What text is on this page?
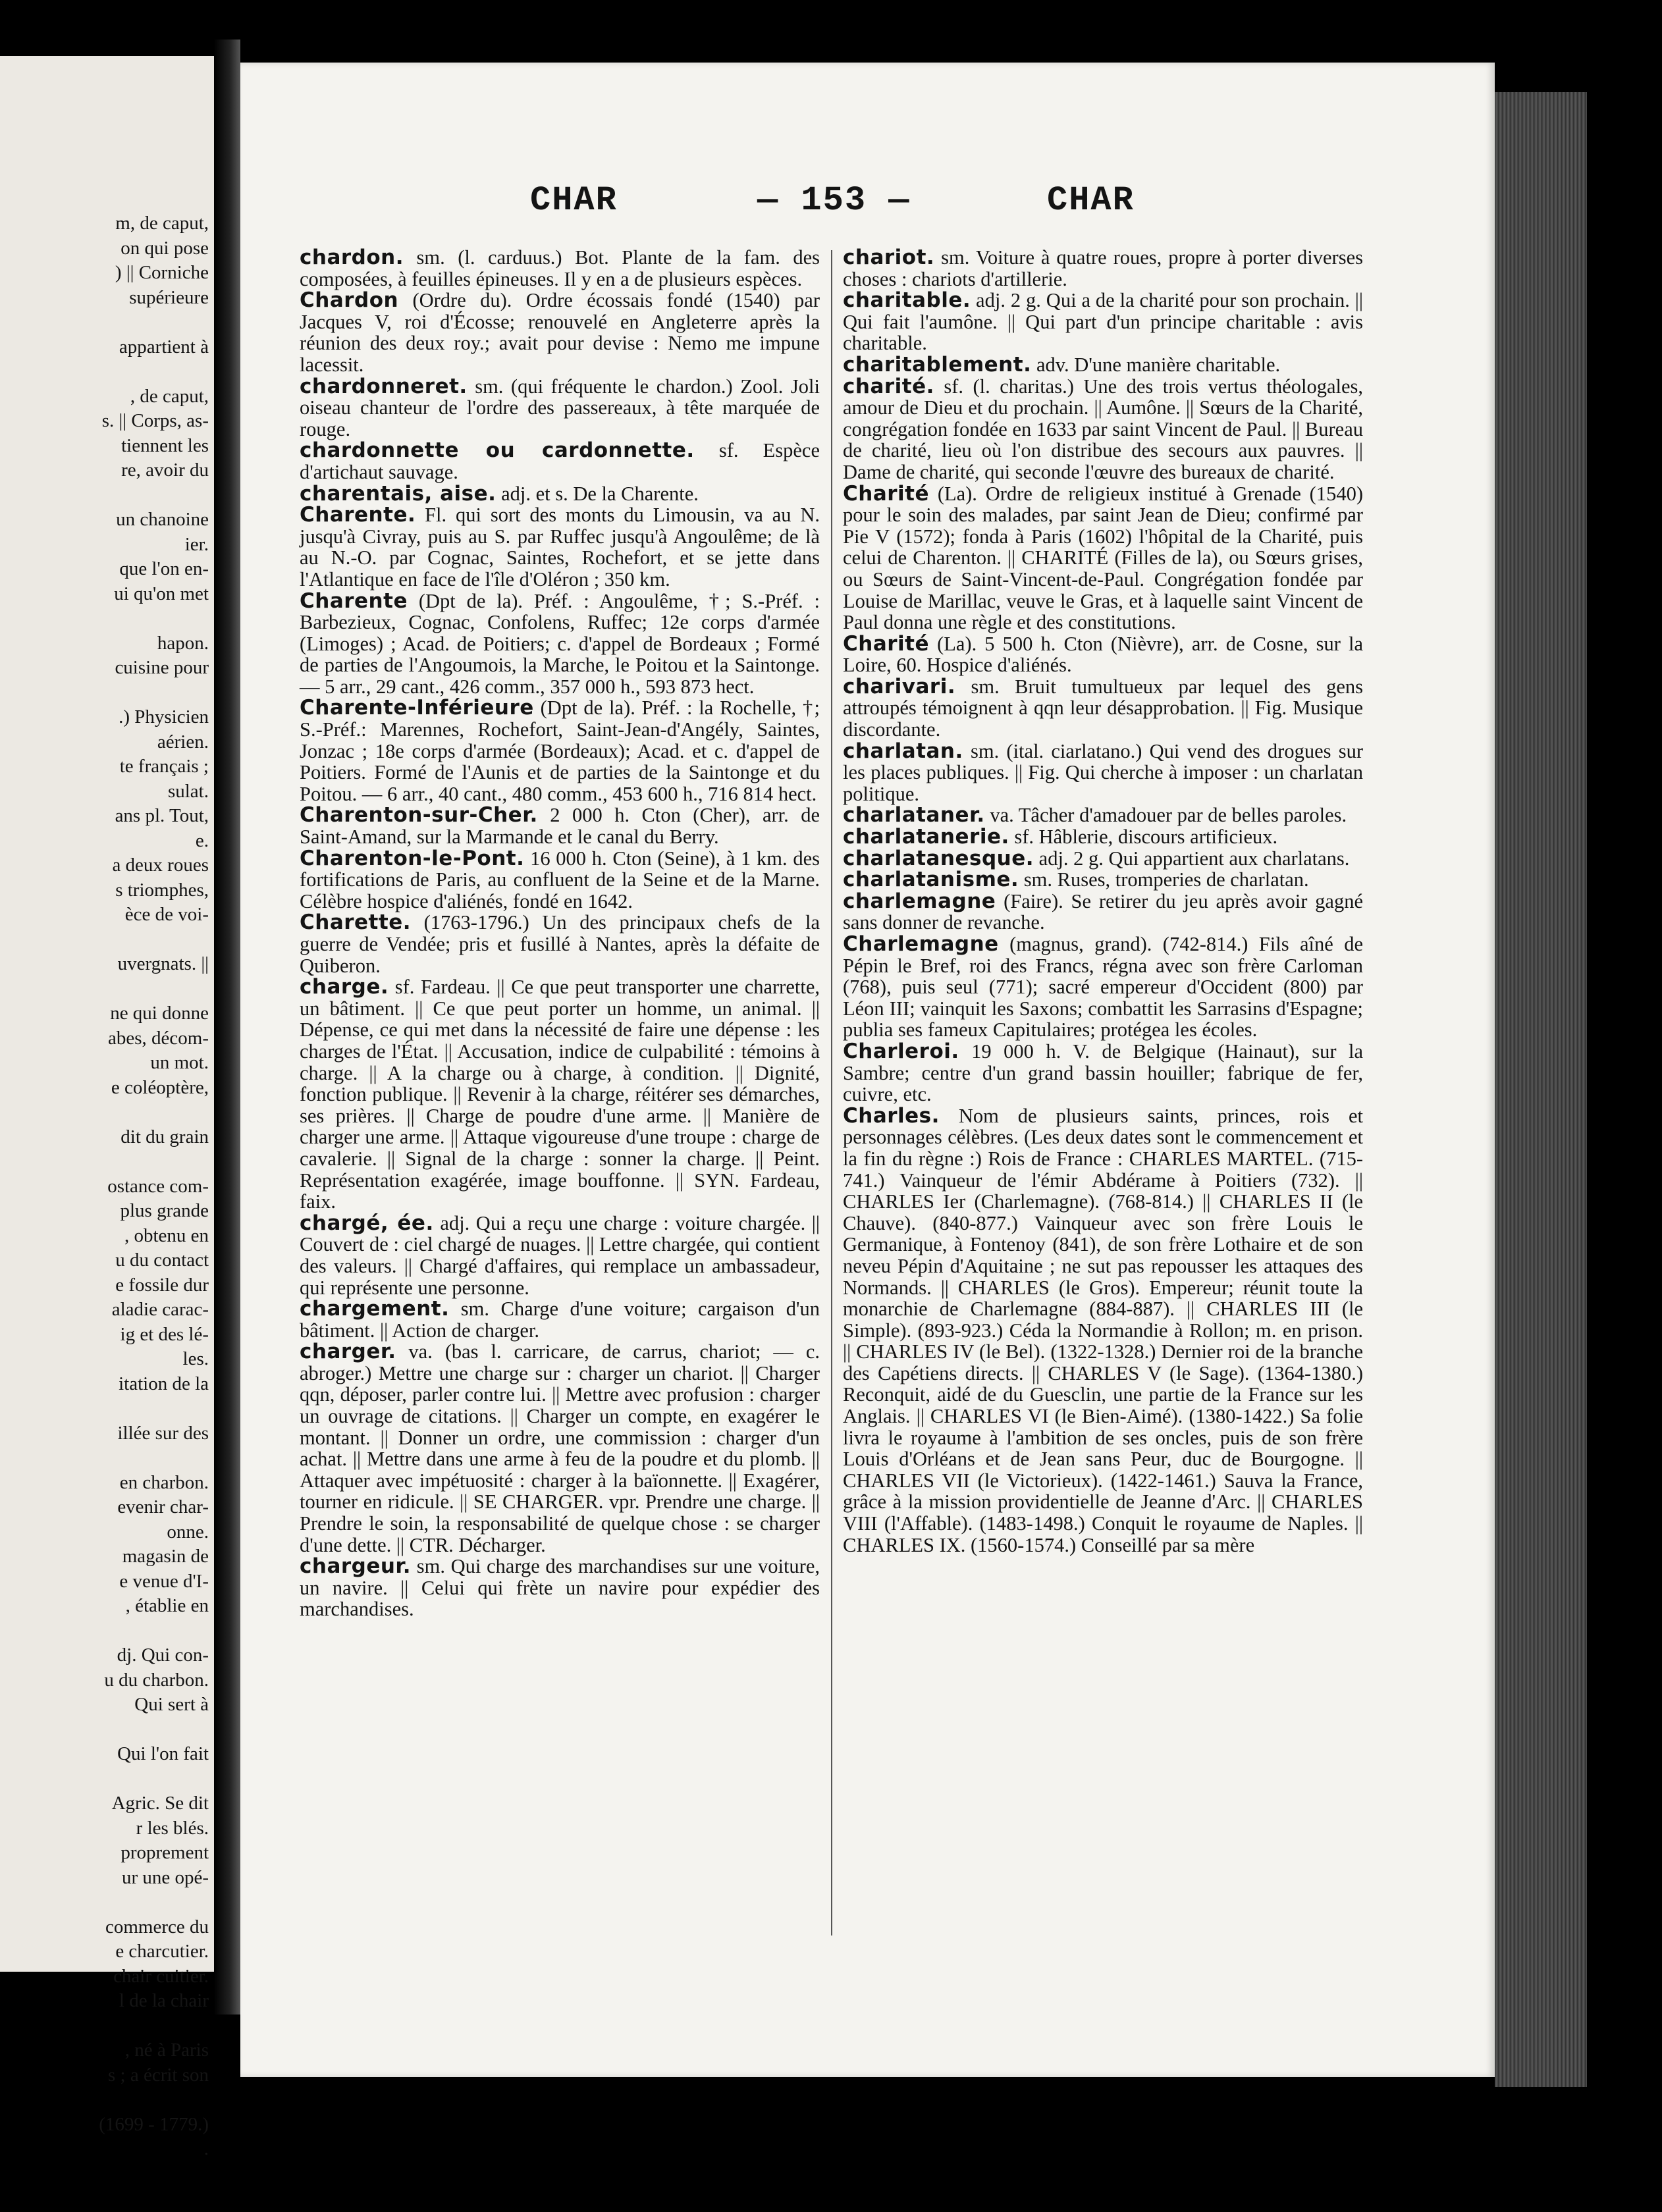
m, de caput,
on qui pose
) || Corniche
supérieure
appartient à
, de caput,
s. || Corps, as-
tiennent les
re, avoir du
un chanoine
ier.
que l'on en-
ui qu'on met
hapon.
cuisine pour
.) Physicien
aérien.
te français ;
sulat.
ans pl. Tout,
e.
a deux roues
s triomphes,
èce de voi-
uvergnats. ||
ne qui donne
abes, décom-
un mot.
e coléoptère,
dit du grain
ostance com-
plus grande
, obtenu en
u du contact
e fossile dur
aladie carac-
ig et des lé-
les.
itation de la
illée sur des
en charbon.
evenir char-
onne.
magasin de
e venue d'I-
, établie en
dj. Qui con-
u du charbon.
Qui sert à
Qui l'on fait
Agric. Se dit
r les blés.
proprement
ur une opé-
commerce du
e charcutier.
chair cuitier.
l de la chair
, né à Paris
s ; a écrit son
(1699 - 1779.)
.
CHAR	— 153 —	CHAR

chardon. sm. (l. carduus.) Bot. Plante de la fam. des composées, à feuilles épineuses. Il y en a de plusieurs espèces.

Chardon (Ordre du). Ordre écossais fondé (1540) par Jacques V, roi d'Écosse; renouvelé en Angleterre après la réunion des deux roy.; avait pour devise : Nemo me impune lacessit.

chardonneret. sm. (qui fréquente le chardon.) Zool. Joli oiseau chanteur de l'ordre des passereaux, à tête marquée de rouge.

chardonnette ou cardonnette. sf. Espèce d'artichaut sauvage.

charentais, aise. adj. et s. De la Charente.

Charente. Fl. qui sort des monts du Limousin, va au N. jusqu'à Civray, puis au S. par Ruffec jusqu'à Angoulême; de là au N.-O. par Cognac, Saintes, Rochefort, et se jette dans l'Atlantique en face de l'île d'Oléron ; 350 km.

Charente (Dpt de la). Préf. : Angoulême, †; S.-Préf. : Barbezieux, Cognac, Confolens, Ruffec; 12e corps d'armée (Limoges) ; Acad. de Poitiers; c. d'appel de Bordeaux ; Formé de parties de l'Angoumois, la Marche, le Poitou et la Saintonge. — 5 arr., 29 cant., 426 comm., 357 000 h., 593 873 hect.

Charente-Inférieure (Dpt de la). Préf. : la Rochelle, †; S.-Préf.: Marennes, Rochefort, Saint-Jean-d'Angély, Saintes, Jonzac ; 18e corps d'armée (Bordeaux); Acad. et c. d'appel de Poitiers. Formé de l'Aunis et de parties de la Saintonge et du Poitou. — 6 arr., 40 cant., 480 comm., 453 600 h., 716 814 hect.

Charenton-sur-Cher. 2 000 h. Cton (Cher), arr. de Saint-Amand, sur la Marmande et le canal du Berry.

Charenton-le-Pont. 16 000 h. Cton (Seine), à 1 km. des fortifications de Paris, au confluent de la Seine et de la Marne. Célèbre hospice d'aliénés, fondé en 1642.

Charette. (1763-1796.) Un des principaux chefs de la guerre de Vendée; pris et fusillé à Nantes, après la défaite de Quiberon.

charge. sf. Fardeau. || Ce que peut transporter une charrette, un bâtiment. || Ce que peut porter un homme, un animal. || Dépense, ce qui met dans la nécessité de faire une dépense : les charges de l'État. || Accusation, indice de culpabilité : témoins à charge. || A la charge ou à charge, à condition. || Dignité, fonction publique. || Revenir à la charge, réitérer ses démarches, ses prières. || Charge de poudre d'une arme. || Manière de charger une arme. || Attaque vigoureuse d'une troupe : charge de cavalerie. || Signal de la charge : sonner la charge. || Peint. Représentation exagérée, image bouffonne. || SYN. Fardeau, faix.

chargé, ée. adj. Qui a reçu une charge : voiture chargée. || Couvert de : ciel chargé de nuages. || Lettre chargée, qui contient des valeurs. || Chargé d'affaires, qui remplace un ambassadeur, qui représente une personne.

chargement. sm. Charge d'une voiture; cargaison d'un bâtiment. || Action de charger.

charger. va. (bas l. carricare, de carrus, chariot; — c. abroger.) Mettre une charge sur : charger un chariot. || Charger qqn, déposer, parler contre lui. || Mettre avec profusion : charger un ouvrage de citations. || Charger un compte, en exagérer le montant. || Donner un ordre, une commission : charger d'un achat. || Mettre dans une arme à feu de la poudre et du plomb. || Attaquer avec impétuosité : charger à la baïonnette. || Exagérer, tourner en ridicule. || SE CHARGER. vpr. Prendre une charge. || Prendre le soin, la responsabilité de quelque chose : se charger d'une dette. || CTR. Décharger.

chargeur. sm. Qui charge des marchandises sur une voiture, un navire. || Celui qui frète un navire pour expédier des marchandises.

chariot. sm. Voiture à quatre roues, propre à porter diverses choses : chariots d'artillerie.

charitable. adj. 2 g. Qui a de la charité pour son prochain. || Qui fait l'aumône. || Qui part d'un principe charitable : avis charitable.

charitablement. adv. D'une manière charitable.

charité. sf. (l. charitas.) Une des trois vertus théologales, amour de Dieu et du prochain. || Aumône. || Sœurs de la Charité, congrégation fondée en 1633 par saint Vincent de Paul. || Bureau de charité, lieu où l'on distribue des secours aux pauvres. || Dame de charité, qui seconde l'œuvre des bureaux de charité.

Charité (La). Ordre de religieux institué à Grenade (1540) pour le soin des malades, par saint Jean de Dieu; confirmé par Pie V (1572); fonda à Paris (1602) l'hôpital de la Charité, puis celui de Charenton. || CHARITÉ (Filles de la), ou Sœurs grises, ou Sœurs de Saint-Vincent-de-Paul. Congrégation fondée par Louise de Marillac, veuve le Gras, et à laquelle saint Vincent de Paul donna une règle et des constitutions.

Charité (La). 5 500 h. Cton (Nièvre), arr. de Cosne, sur la Loire, 60. Hospice d'aliénés.

charivari. sm. Bruit tumultueux par lequel des gens attroupés témoignent à qqn leur désapprobation. || Fig. Musique discordante.

charlatan. sm. (ital. ciarlatano.) Qui vend des drogues sur les places publiques. || Fig. Qui cherche à imposer : un charlatan politique.

charlataner. va. Tâcher d'amadouer par de belles paroles.

charlatanerie. sf. Hâblerie, discours artificieux.

charlatanesque. adj. 2 g. Qui appartient aux charlatans.

charlatanisme. sm. Ruses, tromperies de charlatan.

charlemagne (Faire). Se retirer du jeu après avoir gagné sans donner de revanche.

Charlemagne (magnus, grand). (742-814.) Fils aîné de Pépin le Bref, roi des Francs, régna avec son frère Carloman (768), puis seul (771); sacré empereur d'Occident (800) par Léon III; vainquit les Saxons; combattit les Sarrasins d'Espagne; publia ses fameux Capitulaires; protégea les écoles.

Charleroi. 19 000 h. V. de Belgique (Hainaut), sur la Sambre; centre d'un grand bassin houiller; fabrique de fer, cuivre, etc.

Charles. Nom de plusieurs saints, princes, rois et personnages célèbres. (Les deux dates sont le commencement et la fin du règne :) Rois de France : CHARLES MARTEL. (715-741.) Vainqueur de l'émir Abdérame à Poitiers (732). || CHARLES Ier (Charlemagne). (768-814.) || CHARLES II (le Chauve). (840-877.) Vainqueur avec son frère Louis le Germanique, à Fontenoy (841), de son frère Lothaire et de son neveu Pépin d'Aquitaine ; ne sut pas repousser les attaques des Normands. || CHARLES (le Gros). Empereur; réunit toute la monarchie de Charlemagne (884-887). || CHARLES III (le Simple). (893-923.) Céda la Normandie à Rollon; m. en prison. || CHARLES IV (le Bel). (1322-1328.) Dernier roi de la branche des Capétiens directs. || CHARLES V (le Sage). (1364-1380.) Reconquit, aidé de du Guesclin, une partie de la France sur les Anglais. || CHARLES VI (le Bien-Aimé). (1380-1422.) Sa folie livra le royaume à l'ambition de ses oncles, puis de son frère Louis d'Orléans et de Jean sans Peur, duc de Bourgogne. || CHARLES VII (le Victorieux). (1422-1461.) Sauva la France, grâce à la mission providentielle de Jeanne d'Arc. || CHARLES VIII (l'Affable). (1483-1498.) Conquit le royaume de Naples. || CHARLES IX. (1560-1574.) Conseillé par sa mère
